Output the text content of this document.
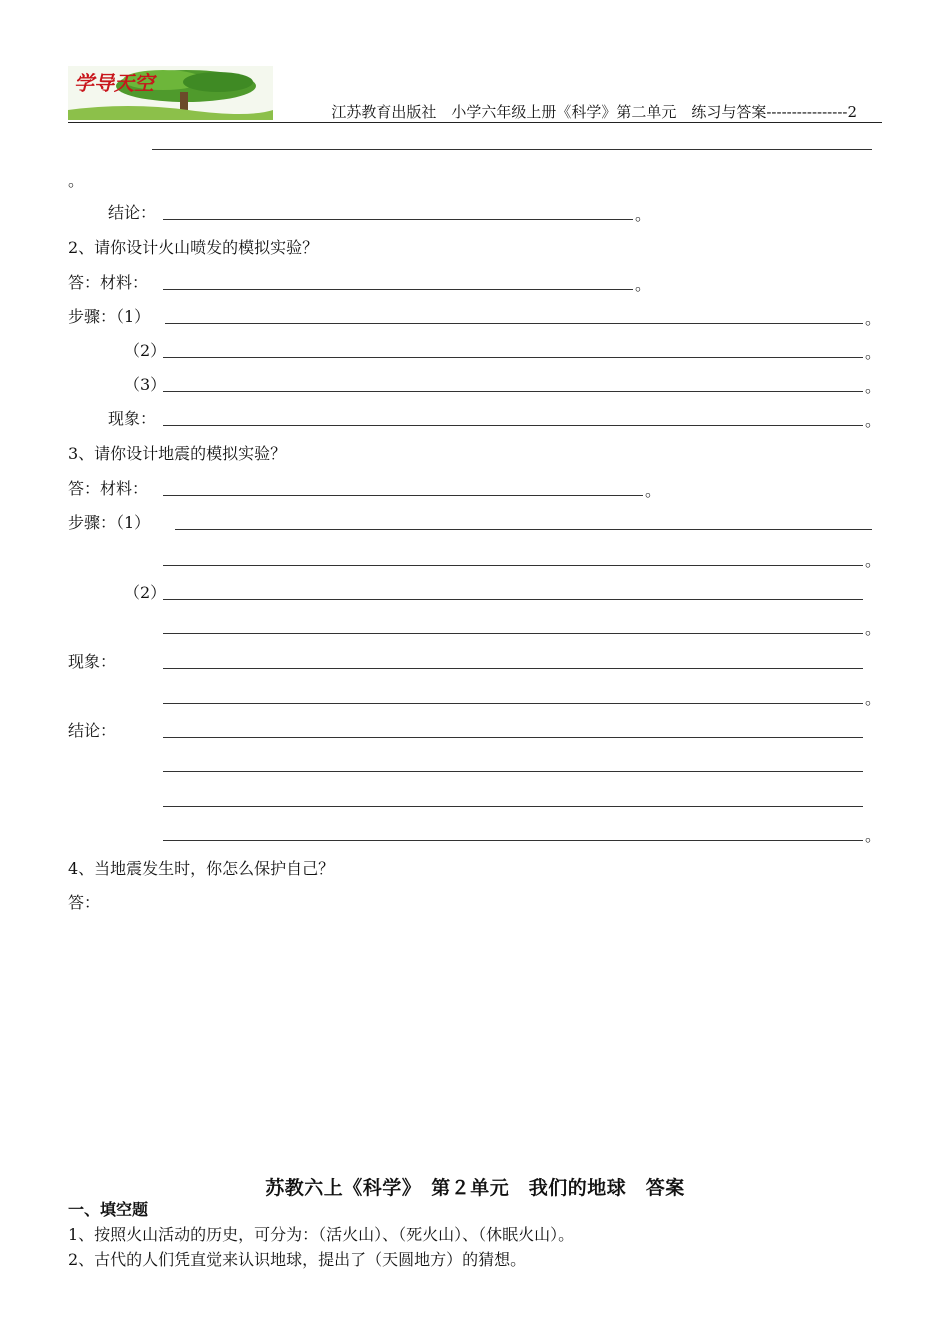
学导天空
江苏教育出版社　小学六年级上册《科学》第二单元　练习与答案----------------2
。
结论：	。
2、请你设计火山喷发的模拟实验？
答：材料：	。
步骤：（1）	。
（2）	。
（3）	。
现象：	。
3、请你设计地震的模拟实验？
答：材料：	。
步骤：（1）
。
（2）
。
现象：
。
结论：
。
4、当地震发生时，你怎么保护自己？
答：
苏教六上《科学》　第２单元　我们的地球　答案
一、填空题
1、按照火山活动的历史，可分为：（活火山）、（死火山）、（休眠火山）。
2、古代的人们凭直觉来认识地球，提出了（天圆地方）的猜想。
